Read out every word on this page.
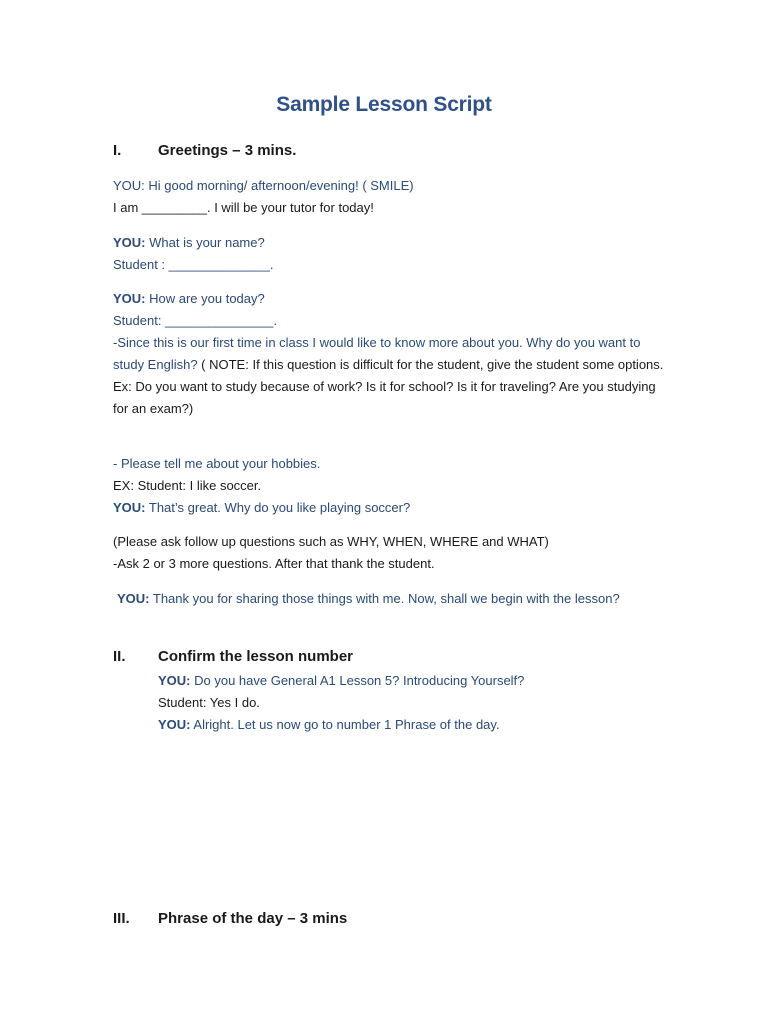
Sample Lesson Script
I. Greetings – 3 mins.
YOU: Hi good morning/ afternoon/evening! ( SMILE)
I am _________. I will be your tutor for today!
YOU: What is your name?
Student : ______________.
YOU: How are you today?
Student: _______________.
-Since this is our first time in class I would like to know more about you. Why do you want to study English? ( NOTE: If this question is difficult for the student, give the student some options. Ex: Do you want to study because of work? Is it for school? Is it for traveling? Are you studying for an exam?)
- Please tell me about your hobbies.
EX: Student: I like soccer.
YOU: That’s great. Why do you like playing soccer?
(Please ask follow up questions such as WHY, WHEN, WHERE and WHAT)
-Ask 2 or 3 more questions. After that thank the student.
YOU: Thank you for sharing those things with me. Now, shall we begin with the lesson?
II. Confirm the lesson number
YOU: Do you have General A1 Lesson 5? Introducing Yourself?
Student: Yes I do.
YOU: Alright. Let us now go to number 1 Phrase of the day.
III. Phrase of the day – 3 mins
